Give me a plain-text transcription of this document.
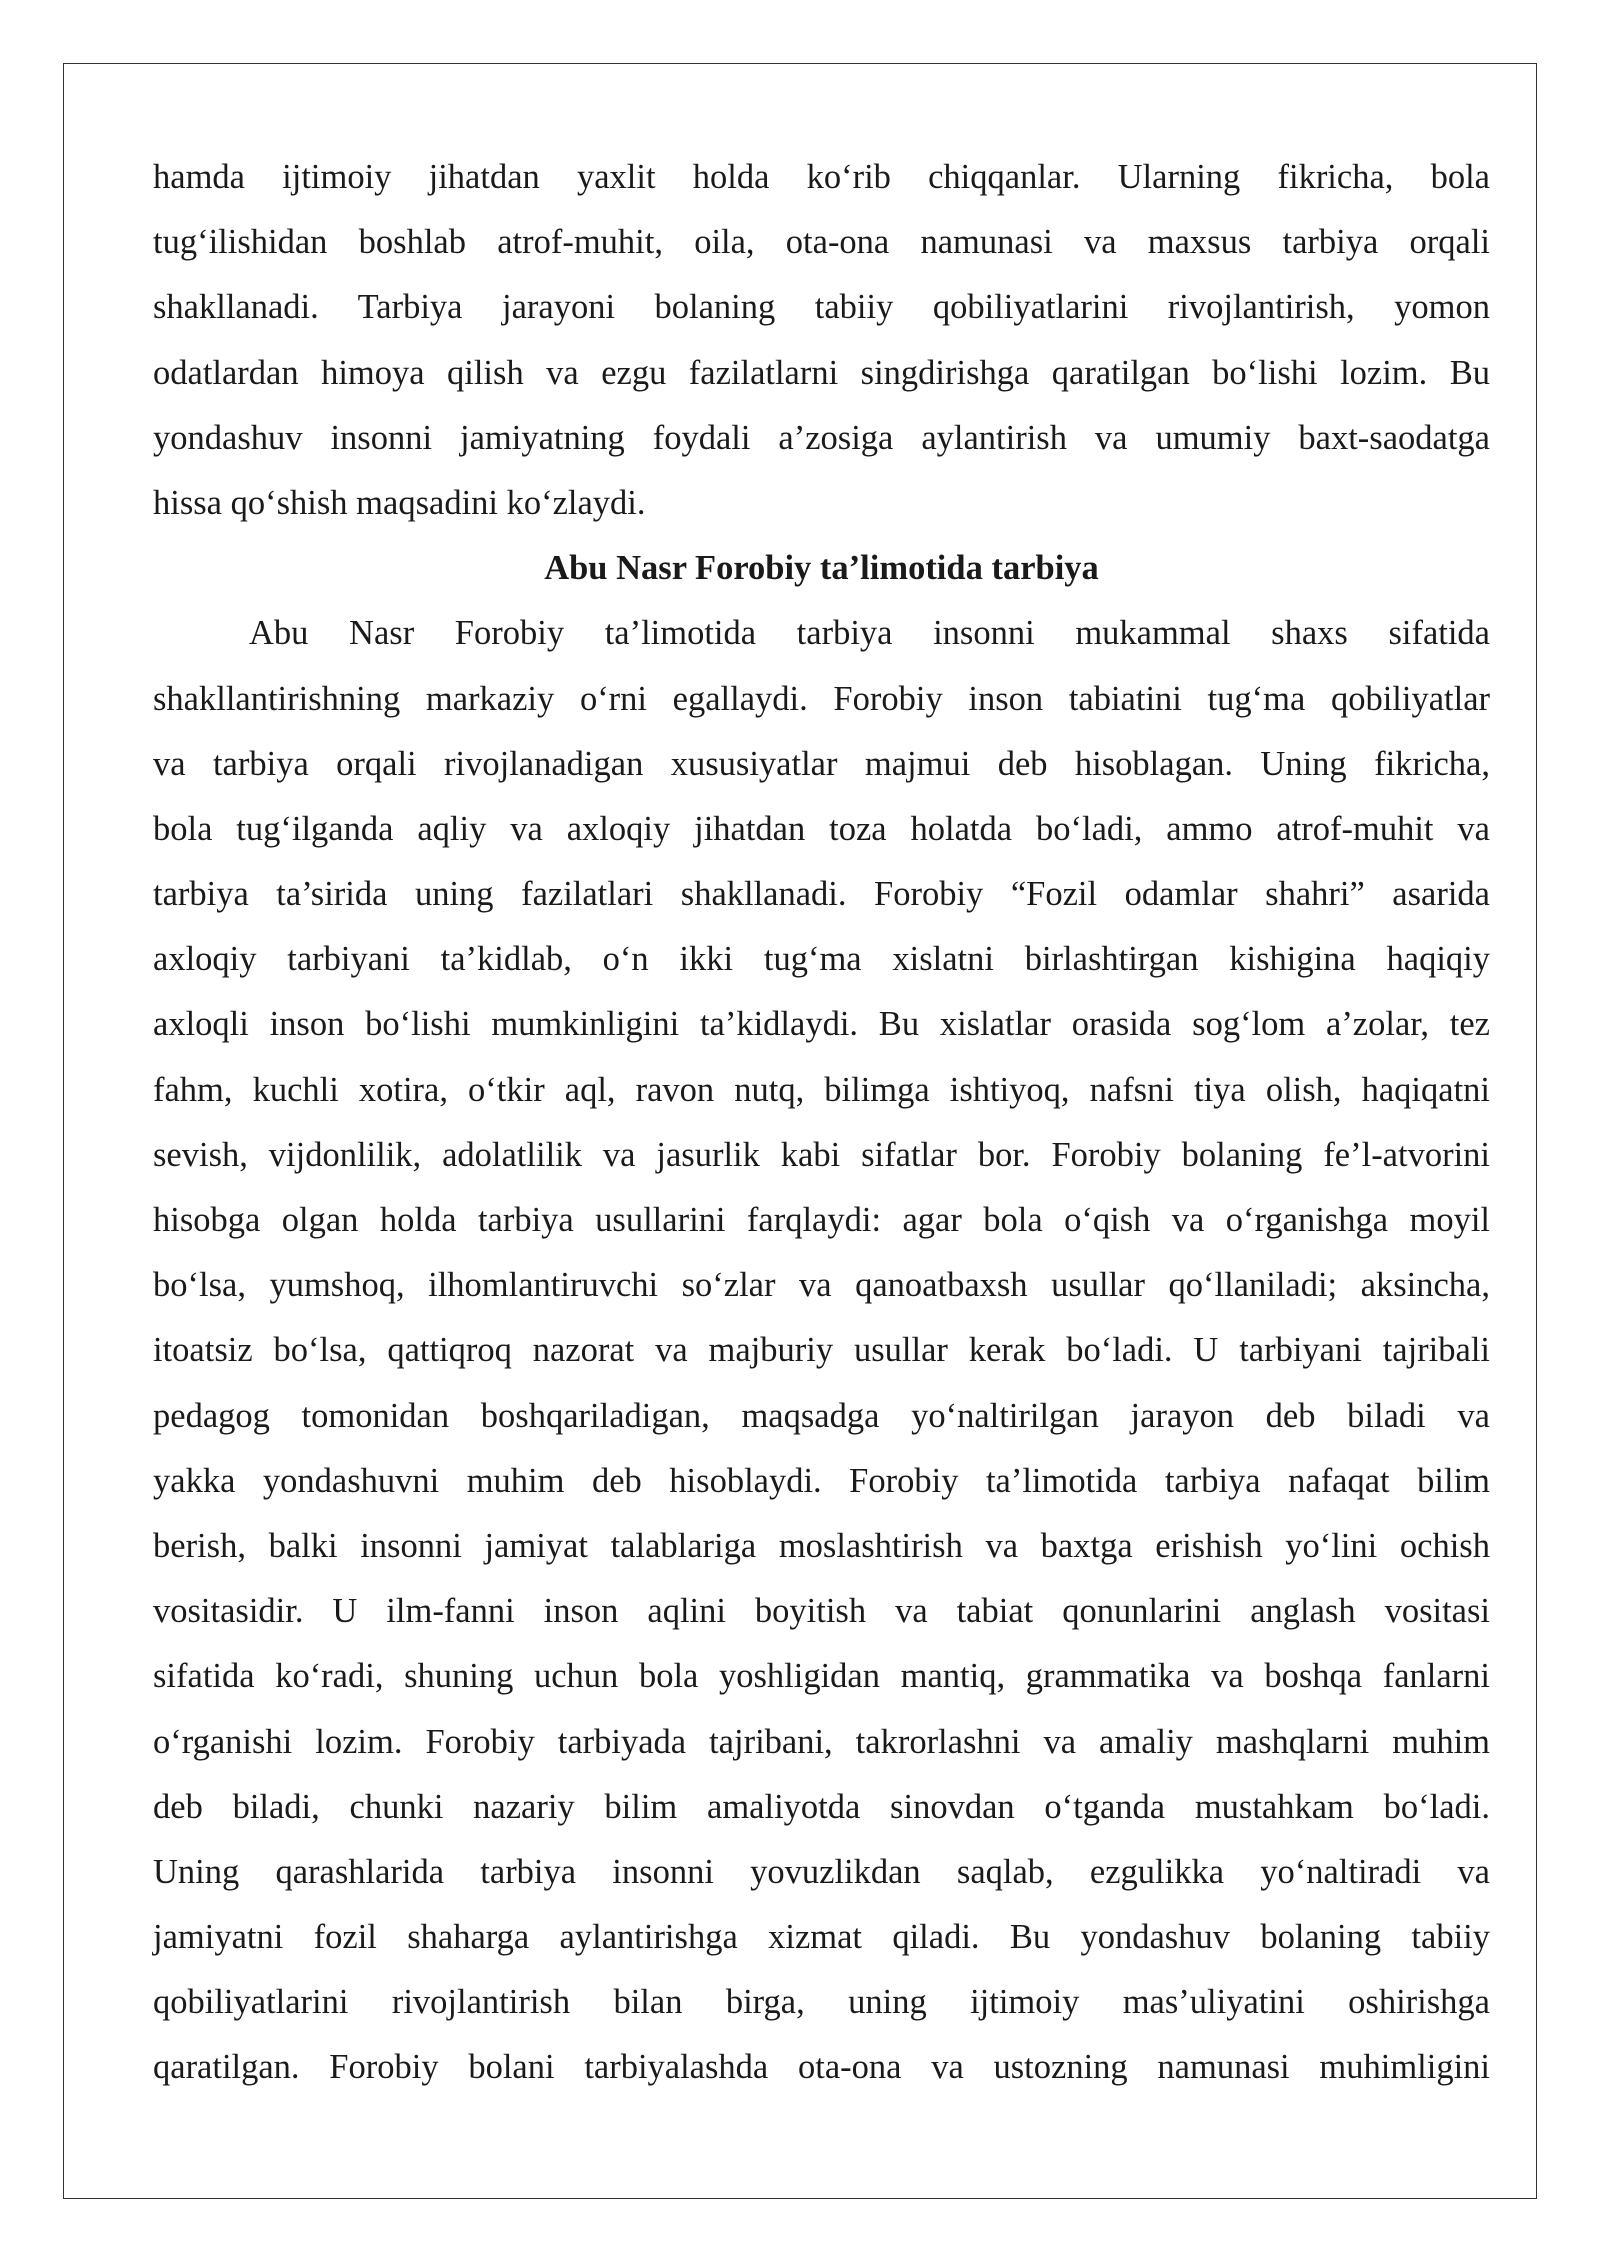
hamda ijtimoiy jihatdan yaxlit holda koʻrib chiqqanlar. Ularning fikricha, bola
tugʻilishidan boshlab atrof-muhit, oila, ota-ona namunasi va maxsus tarbiya orqali
shakllanadi. Tarbiya jarayoni bolaning tabiiy qobiliyatlarini rivojlantirish, yomon
odatlardan himoya qilish va ezgu fazilatlarni singdirishga qaratilgan boʻlishi lozim. Bu
yondashuv insonni jamiyatning foydali a’zosiga aylantirish va umumiy baxt-saodatga
hissa qoʻshish maqsadini koʻzlaydi.
Abu Nasr Forobiy ta’limotida tarbiya
Abu Nasr Forobiy ta’limotida tarbiya insonni mukammal shaxs sifatida
shakllantirishning markaziy oʻrni egallaydi. Forobiy inson tabiatini tugʻma qobiliyatlar
va tarbiya orqali rivojlanadigan xususiyatlar majmui deb hisoblagan. Uning fikricha,
bola tugʻilganda aqliy va axloqiy jihatdan toza holatda boʻladi, ammo atrof-muhit va
tarbiya ta’sirida uning fazilatlari shakllanadi. Forobiy “Fozil odamlar shahri” asarida
axloqiy tarbiyani ta’kidlab, oʻn ikki tugʻma xislatni birlashtirgan kishigina haqiqiy
axloqli inson boʻlishi mumkinligini ta’kidlaydi. Bu xislatlar orasida sogʻlom a’zolar, tez
fahm, kuchli xotira, oʻtkir aql, ravon nutq, bilimga ishtiyoq, nafsni tiya olish, haqiqatni
sevish, vijdonlilik, adolatlilik va jasurlik kabi sifatlar bor. Forobiy bolaning fe’l-atvorini
hisobga olgan holda tarbiya usullarini farqlaydi: agar bola oʻqish va oʻrganishga moyil
boʻlsa, yumshoq, ilhomlantiruvchi soʻzlar va qanoatbaxsh usullar qoʻllaniladi; aksincha,
itoatsiz boʻlsa, qattiqroq nazorat va majburiy usullar kerak boʻladi. U tarbiyani tajribali
pedagog tomonidan boshqariladigan, maqsadga yoʻnaltirilgan jarayon deb biladi va
yakka yondashuvni muhim deb hisoblaydi. Forobiy ta’limotida tarbiya nafaqat bilim
berish, balki insonni jamiyat talablariga moslashtirish va baxtga erishish yoʻlini ochish
vositasidir. U ilm-fanni inson aqlini boyitish va tabiat qonunlarini anglash vositasi
sifatida koʻradi, shuning uchun bola yoshligidan mantiq, grammatika va boshqa fanlarni
oʻrganishi lozim. Forobiy tarbiyada tajribani, takrorlashni va amaliy mashqlarni muhim
deb biladi, chunki nazariy bilim amaliyotda sinovdan oʻtganda mustahkam boʻladi.
Uning qarashlarida tarbiya insonni yovuzlikdan saqlab, ezgulikka yoʻnaltiradi va
jamiyatni fozil shaharga aylantirishga xizmat qiladi. Bu yondashuv bolaning tabiiy
qobiliyatlarini rivojlantirish bilan birga, uning ijtimoiy mas’uliyatini oshirishga
qaratilgan. Forobiy bolani tarbiyalashda ota-ona va ustozning namunasi muhimligini
